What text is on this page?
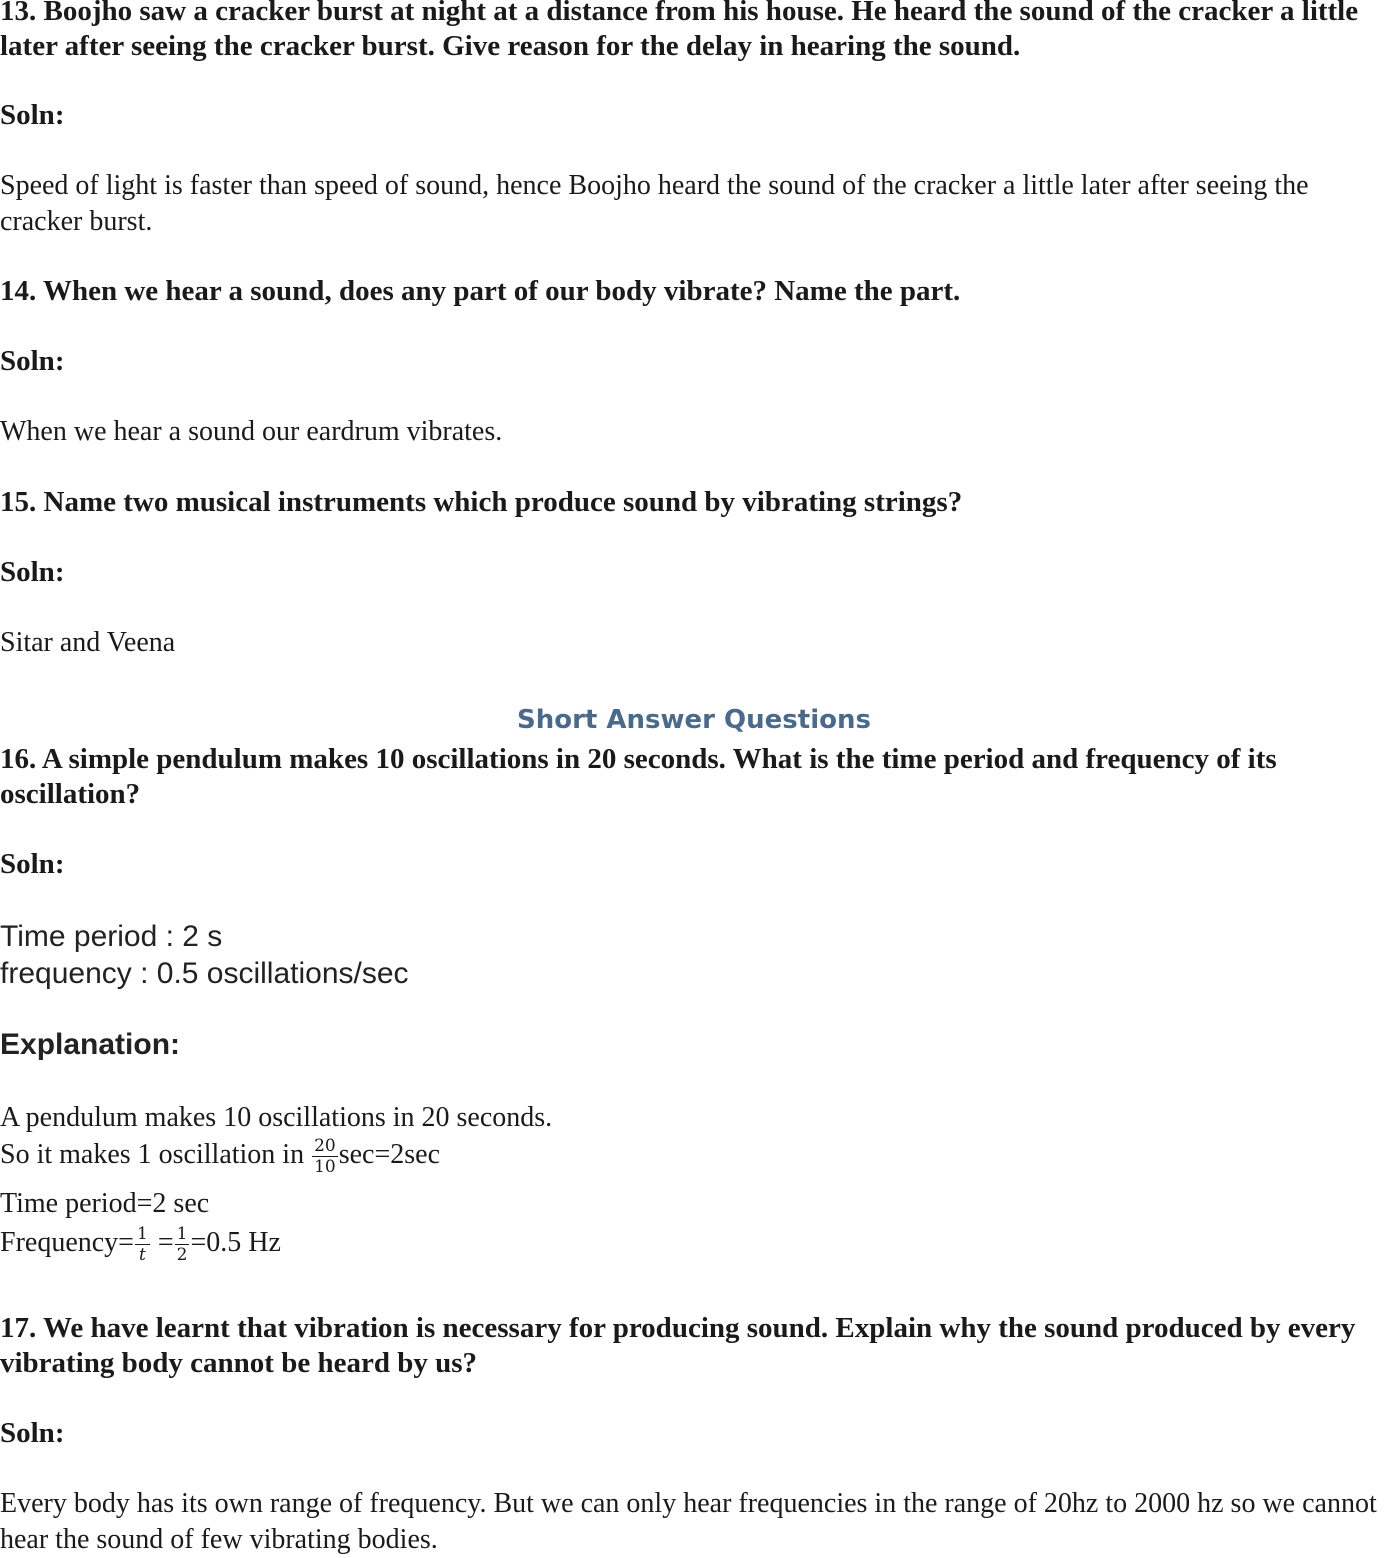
13. Boojho saw a cracker burst at night at a distance from his house. He heard the sound of the cracker a little later after seeing the cracker burst. Give reason for the delay in hearing the sound.

Soln:

Speed of light is faster than speed of sound, hence Boojho heard the sound of the cracker a little later after seeing the cracker burst.

14. When we hear a sound, does any part of our body vibrate? Name the part.

Soln:

When we hear a sound our eardrum vibrates.

15. Name two musical instruments which produce sound by vibrating strings?

Soln:

Sitar and Veena

Short Answer Questions

16. A simple pendulum makes 10 oscillations in 20 seconds. What is the time period and frequency of its oscillation?

Soln:

Time period : 2 s
frequency : 0.5 oscillations/sec
Explanation:
A pendulum makes 10 oscillations in 20 seconds.
So it makes 1 oscillation in $\frac{20}{10} \sec=2\sec$
Time period=2 sec
Frequency= $\frac{1}{t} = \frac{1}{2} =0.5$ Hz

17. We have learnt that vibration is necessary for producing sound. Explain why the sound produced by every vibrating body cannot be heard by us?

Soln:

Every body has its own range of frequency. But we can only hear frequencies in the range of 20hz to 2000 hz so we cannot hear the sound of few vibrating bodies.
